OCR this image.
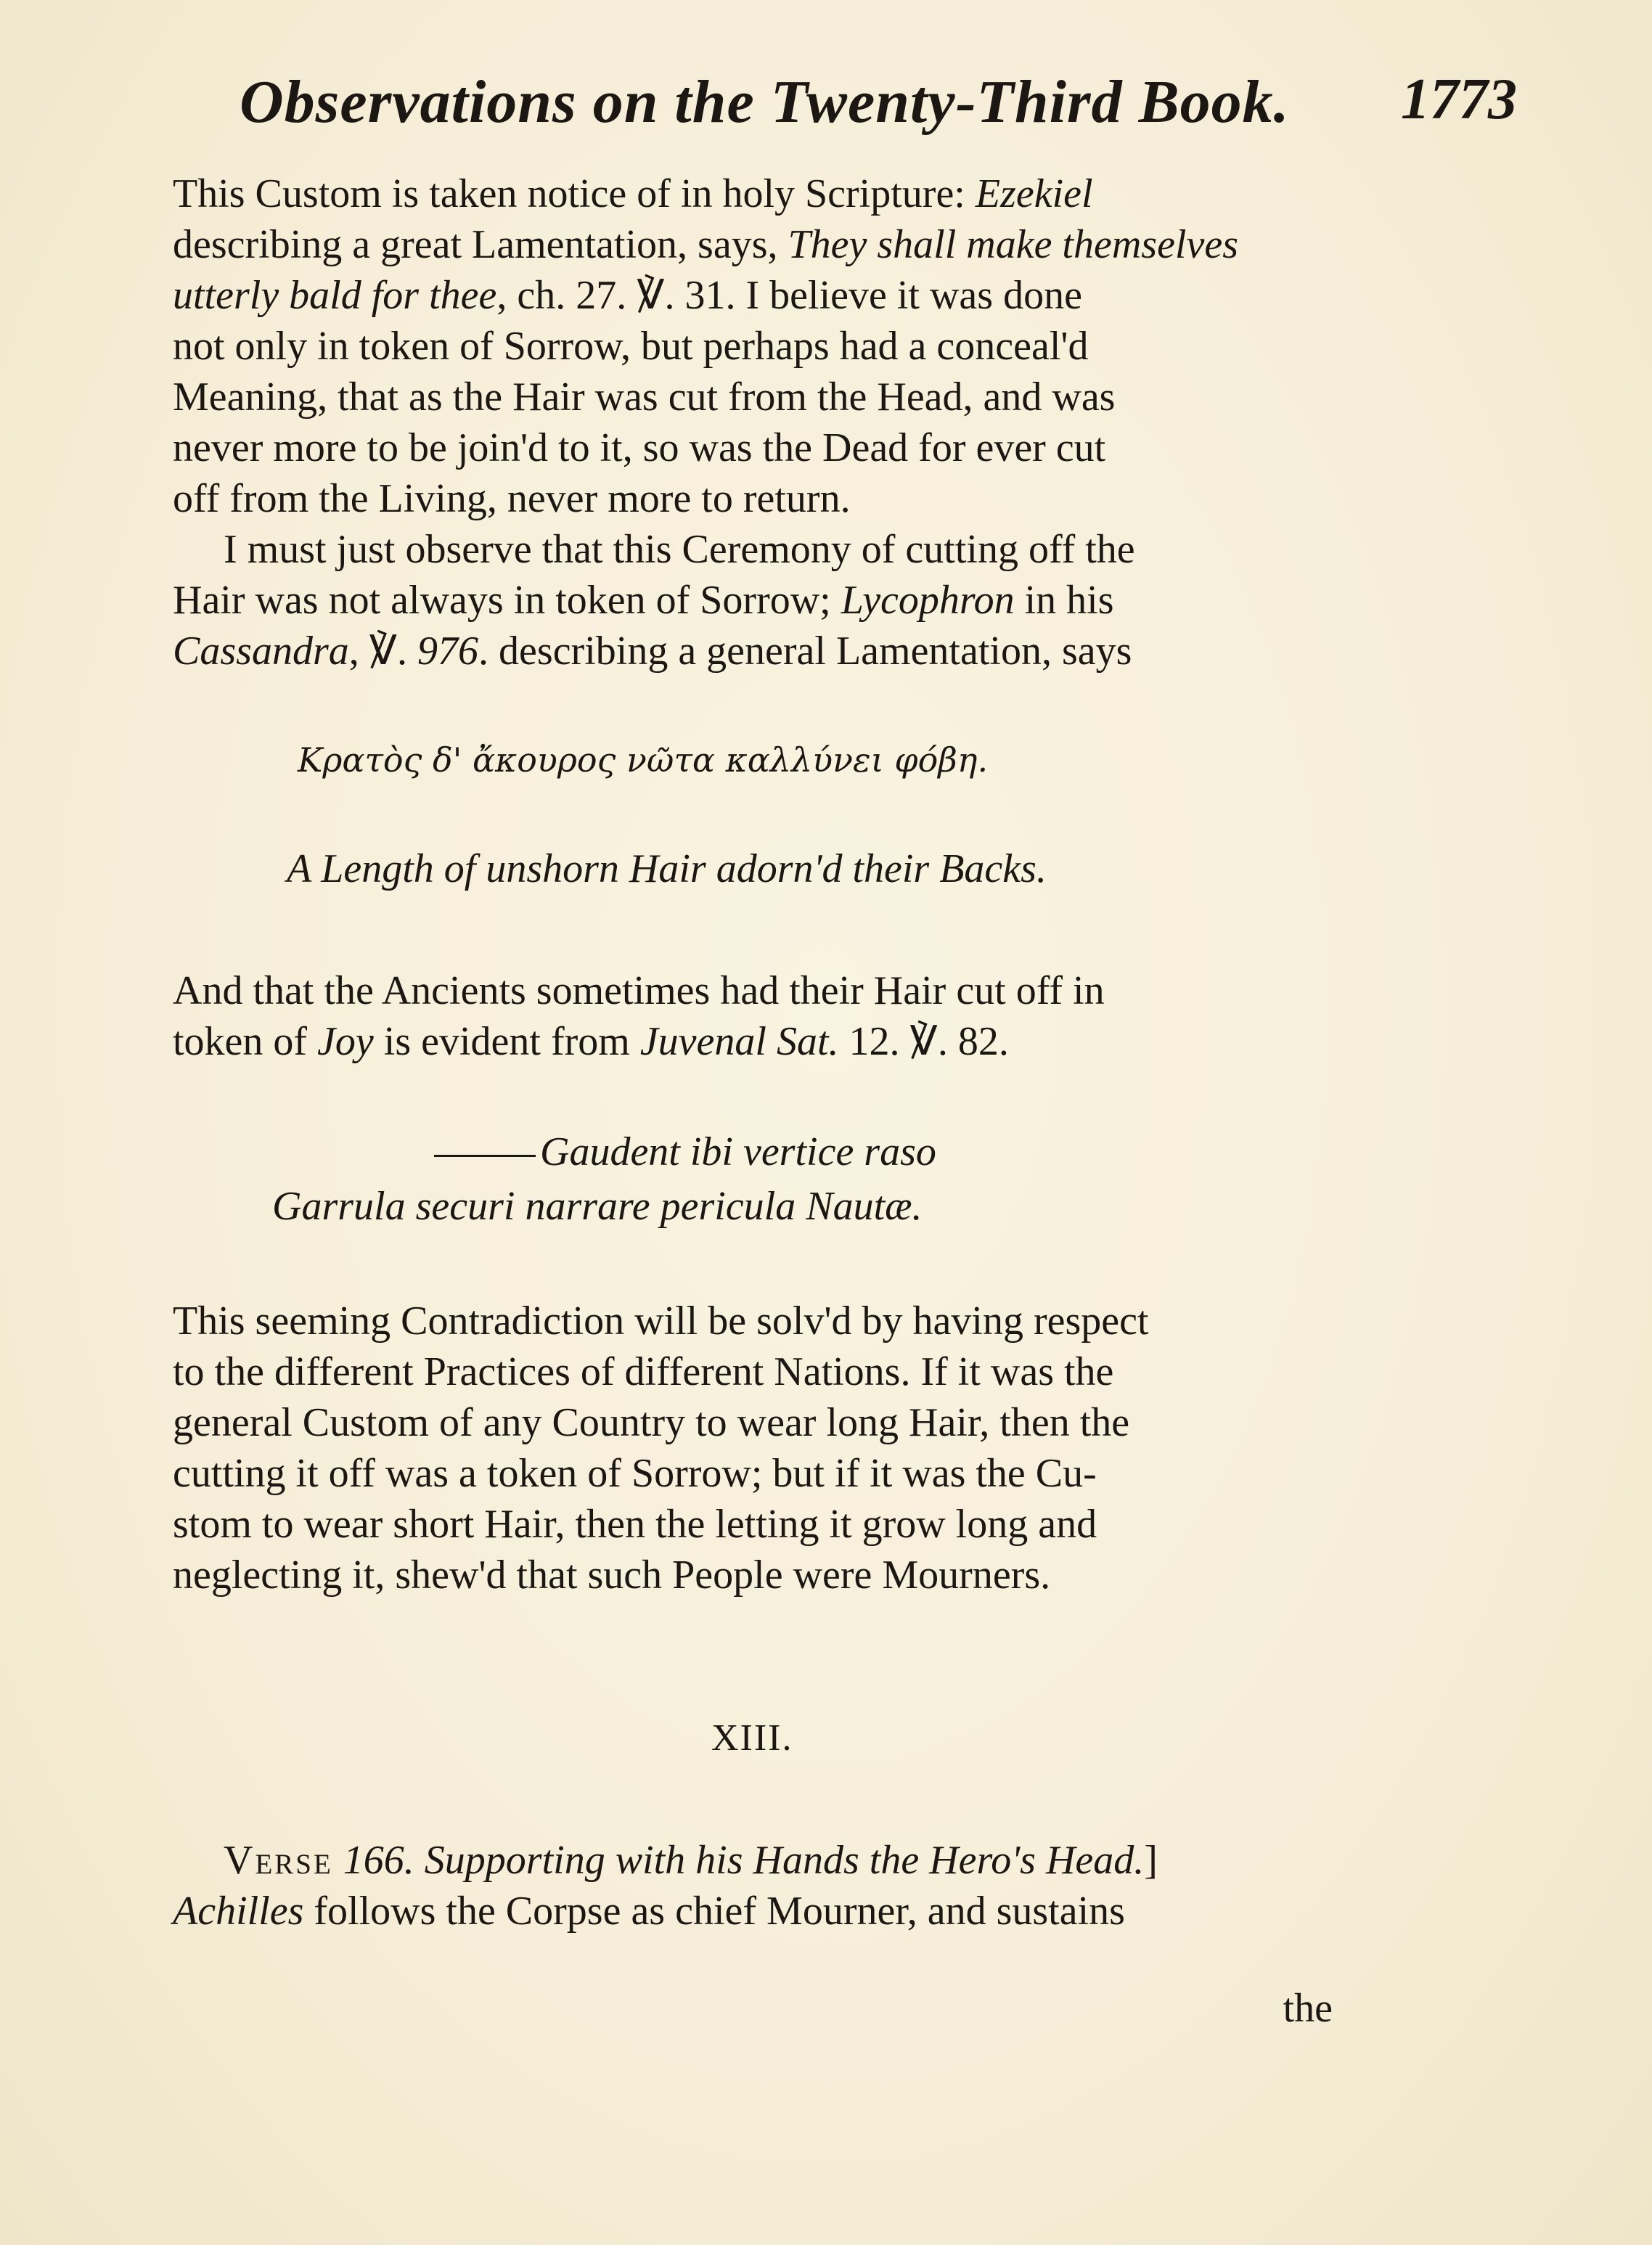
Observations on the Twenty-Third Book. 1773
This Custom is taken notice of in holy Scripture: Ezekiel
describing a great Lamentation, says, They shall make themselves
utterly bald for thee, ch. 27. ℣. 31. I believe it was done
not only in token of Sorrow, but perhaps had a conceal'd
Meaning, that as the Hair was cut from the Head, and was
never more to be join'd to it, so was the Dead for ever cut
off from the Living, never more to return.
I must just observe that this Ceremony of cutting off the
Hair was not always in token of Sorrow; Lycophron in his
Cassandra, ℣. 976. describing a general Lamentation, says
Κρατὸς δ' ἄκουρος νῶτα καλλύνει φόβη.
A Length of unshorn Hair adorn'd their Backs.
And that the Ancients sometimes had their Hair cut off in
token of Joy is evident from Juvenal Sat. 12. ℣. 82.
Gaudent ibi vertice raso
Garrula securi narrare pericula Nautæ.
This seeming Contradiction will be solv'd by having respect
to the different Practices of different Nations. If it was the
general Custom of any Country to wear long Hair, then the
cutting it off was a token of Sorrow; but if it was the Cu-
stom to wear short Hair, then the letting it grow long and
neglecting it, shew'd that such People were Mourners.
XIII.
Verse 166. Supporting with his Hands the Hero's Head.]
Achilles follows the Corpse as chief Mourner, and sustains
the
